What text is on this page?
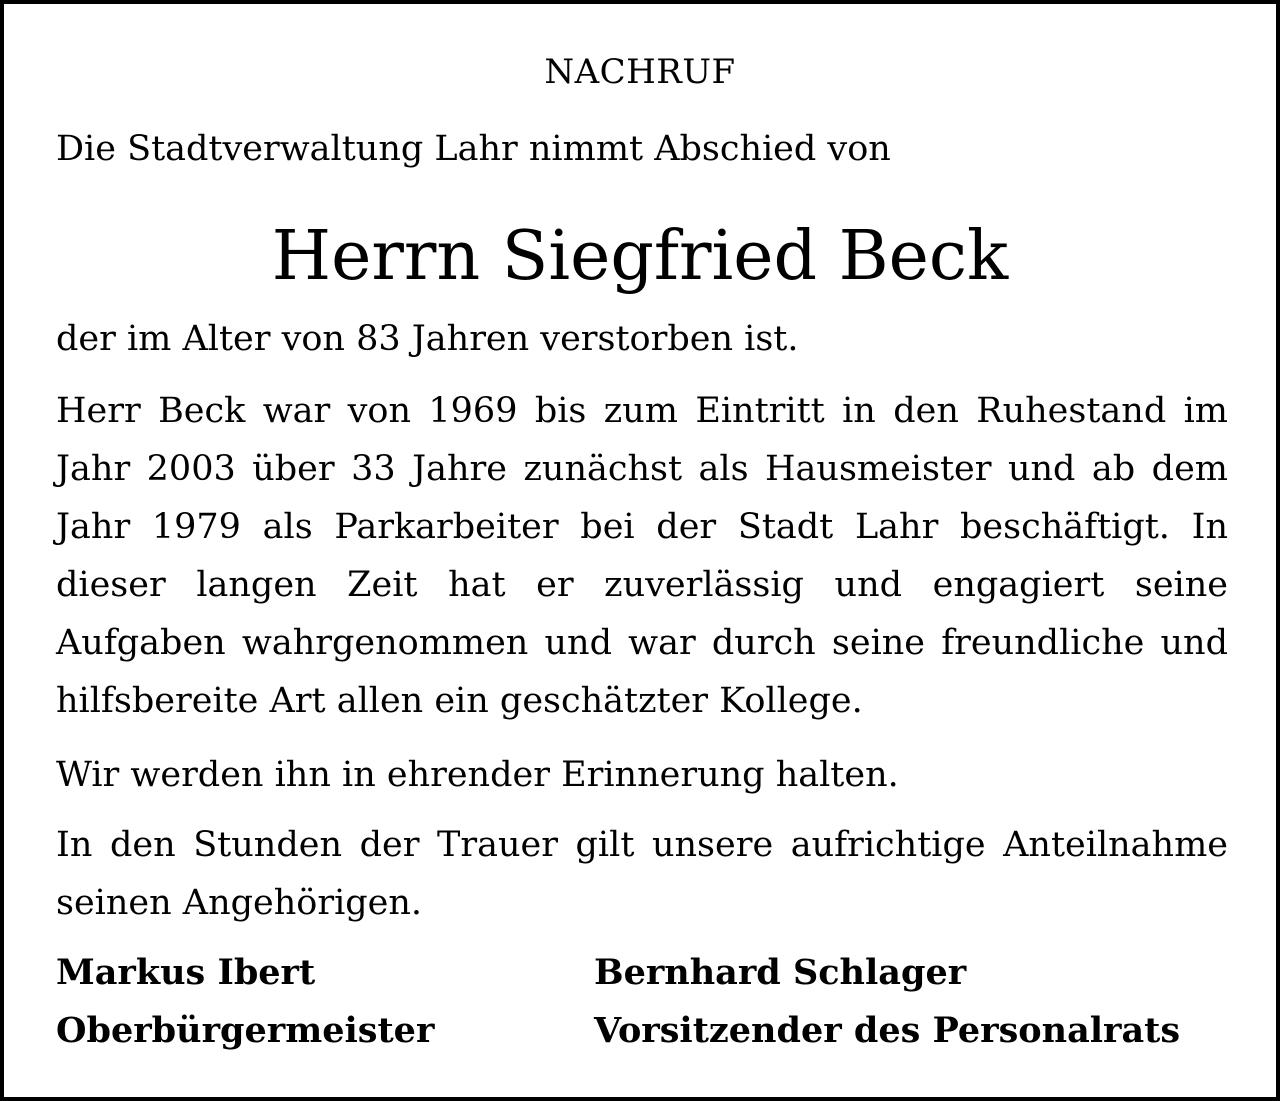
NACHRUF
Die Stadtverwaltung Lahr nimmt Abschied von
Herrn Siegfried Beck
der im Alter von 83 Jahren verstorben ist.
Herr Beck war von 1969 bis zum Eintritt in den Ruhestand im Jahr 2003 über 33 Jahre zunächst als Hausmeister und ab dem Jahr 1979 als Parkarbeiter bei der Stadt Lahr beschäftigt. In dieser langen Zeit hat er zuverlässig und engagiert seine Aufgaben wahrgenommen und war durch seine freundliche und hilfsbereite Art allen ein geschätzter Kollege.
Wir werden ihn in ehrender Erinnerung halten.
In den Stunden der Trauer gilt unsere aufrichtige Anteilnahme seinen Angehörigen.
Markus Ibert
Oberbürgermeister
Bernhard Schlager
Vorsitzender des Personalrats
